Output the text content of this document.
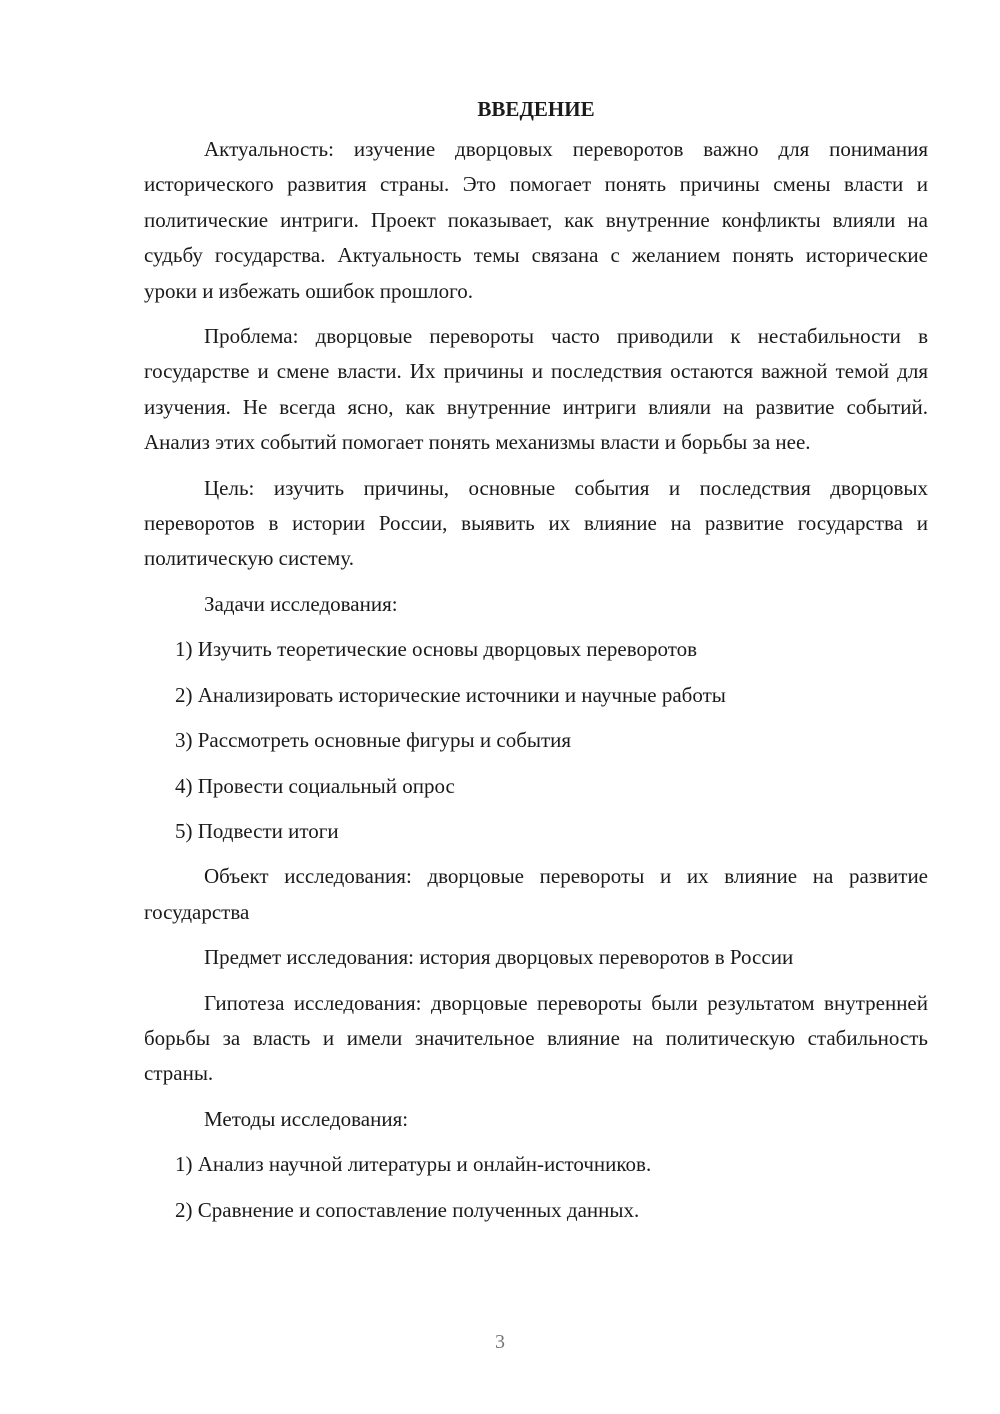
ВВЕДЕНИЕ

Актуальность: изучение дворцовых переворотов важно для понимания исторического развития страны. Это помогает понять причины смены власти и политические интриги. Проект показывает, как внутренние конфликты влияли на судьбу государства. Актуальность темы связана с желанием понять исторические уроки и избежать ошибок прошлого.

Проблема: дворцовые перевороты часто приводили к нестабильности в государстве и смене власти. Их причины и последствия остаются важной темой для изучения. Не всегда ясно, как внутренние интриги влияли на развитие событий. Анализ этих событий помогает понять механизмы власти и борьбы за нее.

Цель: изучить причины, основные события и последствия дворцовых переворотов в истории России, выявить их влияние на развитие государства и политическую систему.

Задачи исследования:

1) Изучить теоретические основы дворцовых переворотов
2) Анализировать исторические источники и научные работы
3) Рассмотреть основные фигуры и события
4) Провести социальный опрос
5) Подвести итоги

Объект исследования: дворцовые перевороты и их влияние на развитие государства

Предмет исследования: история дворцовых переворотов в России

Гипотеза исследования: дворцовые перевороты были результатом внутренней борьбы за власть и имели значительное влияние на политическую стабильность страны.

Методы исследования:

1) Анализ научной литературы и онлайн-источников.
2) Сравнение и сопоставление полученных данных.
3
